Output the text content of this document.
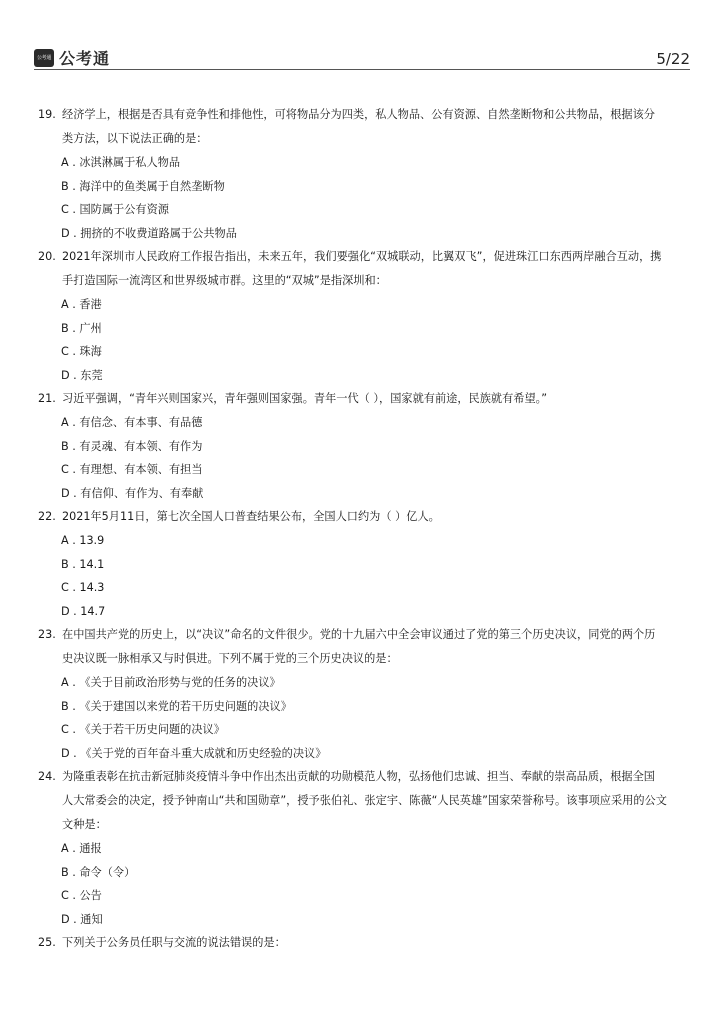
公考通 公考通	5/22
19. 经济学上，根据是否具有竞争性和排他性，可将物品分为四类，私人物品、公有资源、自然垄断物和公共物品，根据该分
类方法，以下说法正确的是：
A . 冰淇淋属于私人物品
B . 海洋中的鱼类属于自然垄断物
C . 国防属于公有资源
D . 拥挤的不收费道路属于公共物品
20. 2021年深圳市人民政府工作报告指出，未来五年，我们要强化“双城联动，比翼双飞”，促进珠江口东西两岸融合互动，携
手打造国际一流湾区和世界级城市群。这里的“双城”是指深圳和：
A . 香港
B . 广州
C . 珠海
D . 东莞
21. 习近平强调，“青年兴则国家兴，青年强则国家强。青年一代（ ），国家就有前途，民族就有希望。”
A . 有信念、有本事、有品德
B . 有灵魂、有本领、有作为
C . 有理想、有本领、有担当
D . 有信仰、有作为、有奉献
22. 2021年5月11日，第七次全国人口普查结果公布，全国人口约为（ ）亿人。
A . 13.9
B . 14.1
C . 14.3
D . 14.7
23. 在中国共产党的历史上，以“决议”命名的文件很少。党的十九届六中全会审议通过了党的第三个历史决议，同党的两个历
史决议既一脉相承又与时俱进。下列不属于党的三个历史决议的是：
A . 《关于目前政治形势与党的任务的决议》
B . 《关于建国以来党的若干历史问题的决议》
C . 《关于若干历史问题的决议》
D . 《关于党的百年奋斗重大成就和历史经验的决议》
24. 为隆重表彰在抗击新冠肺炎疫情斗争中作出杰出贡献的功勋模范人物，弘扬他们忠诚、担当、奉献的崇高品质，根据全国
人大常委会的决定，授予钟南山“共和国勋章”，授予张伯礼、张定宇、陈薇“人民英雄”国家荣誉称号。该事项应采用的公文
文种是：
A . 通报
B . 命令（令）
C . 公告
D . 通知
25. 下列关于公务员任职与交流的说法错误的是：
